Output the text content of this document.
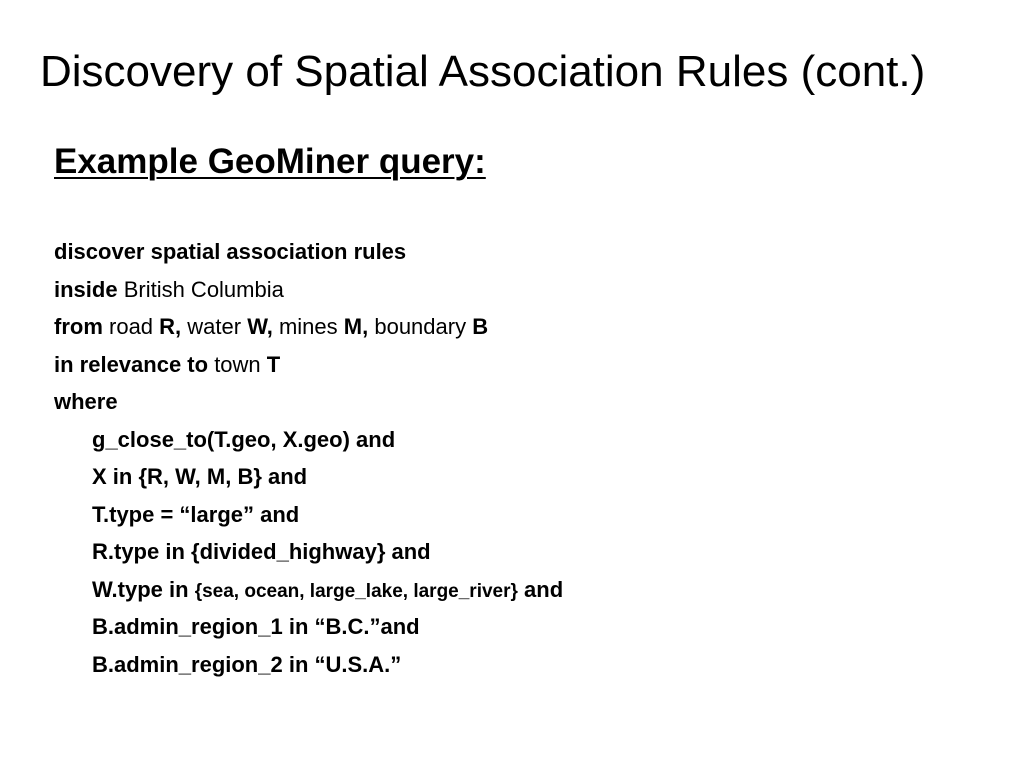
Discovery of Spatial Association Rules (cont.)
Example GeoMiner query:
discover spatial association rules
inside British Columbia
from road R, water W, mines M, boundary B
in relevance to town T
where
g_close_to(T.geo, X.geo) and
X in {R, W, M, B} and
T.type = “large” and
R.type in {divided_highway} and
W.type in {sea, ocean, large_lake, large_river} and
B.admin_region_1 in “B.C.”and
B.admin_region_2 in “U.S.A.”
